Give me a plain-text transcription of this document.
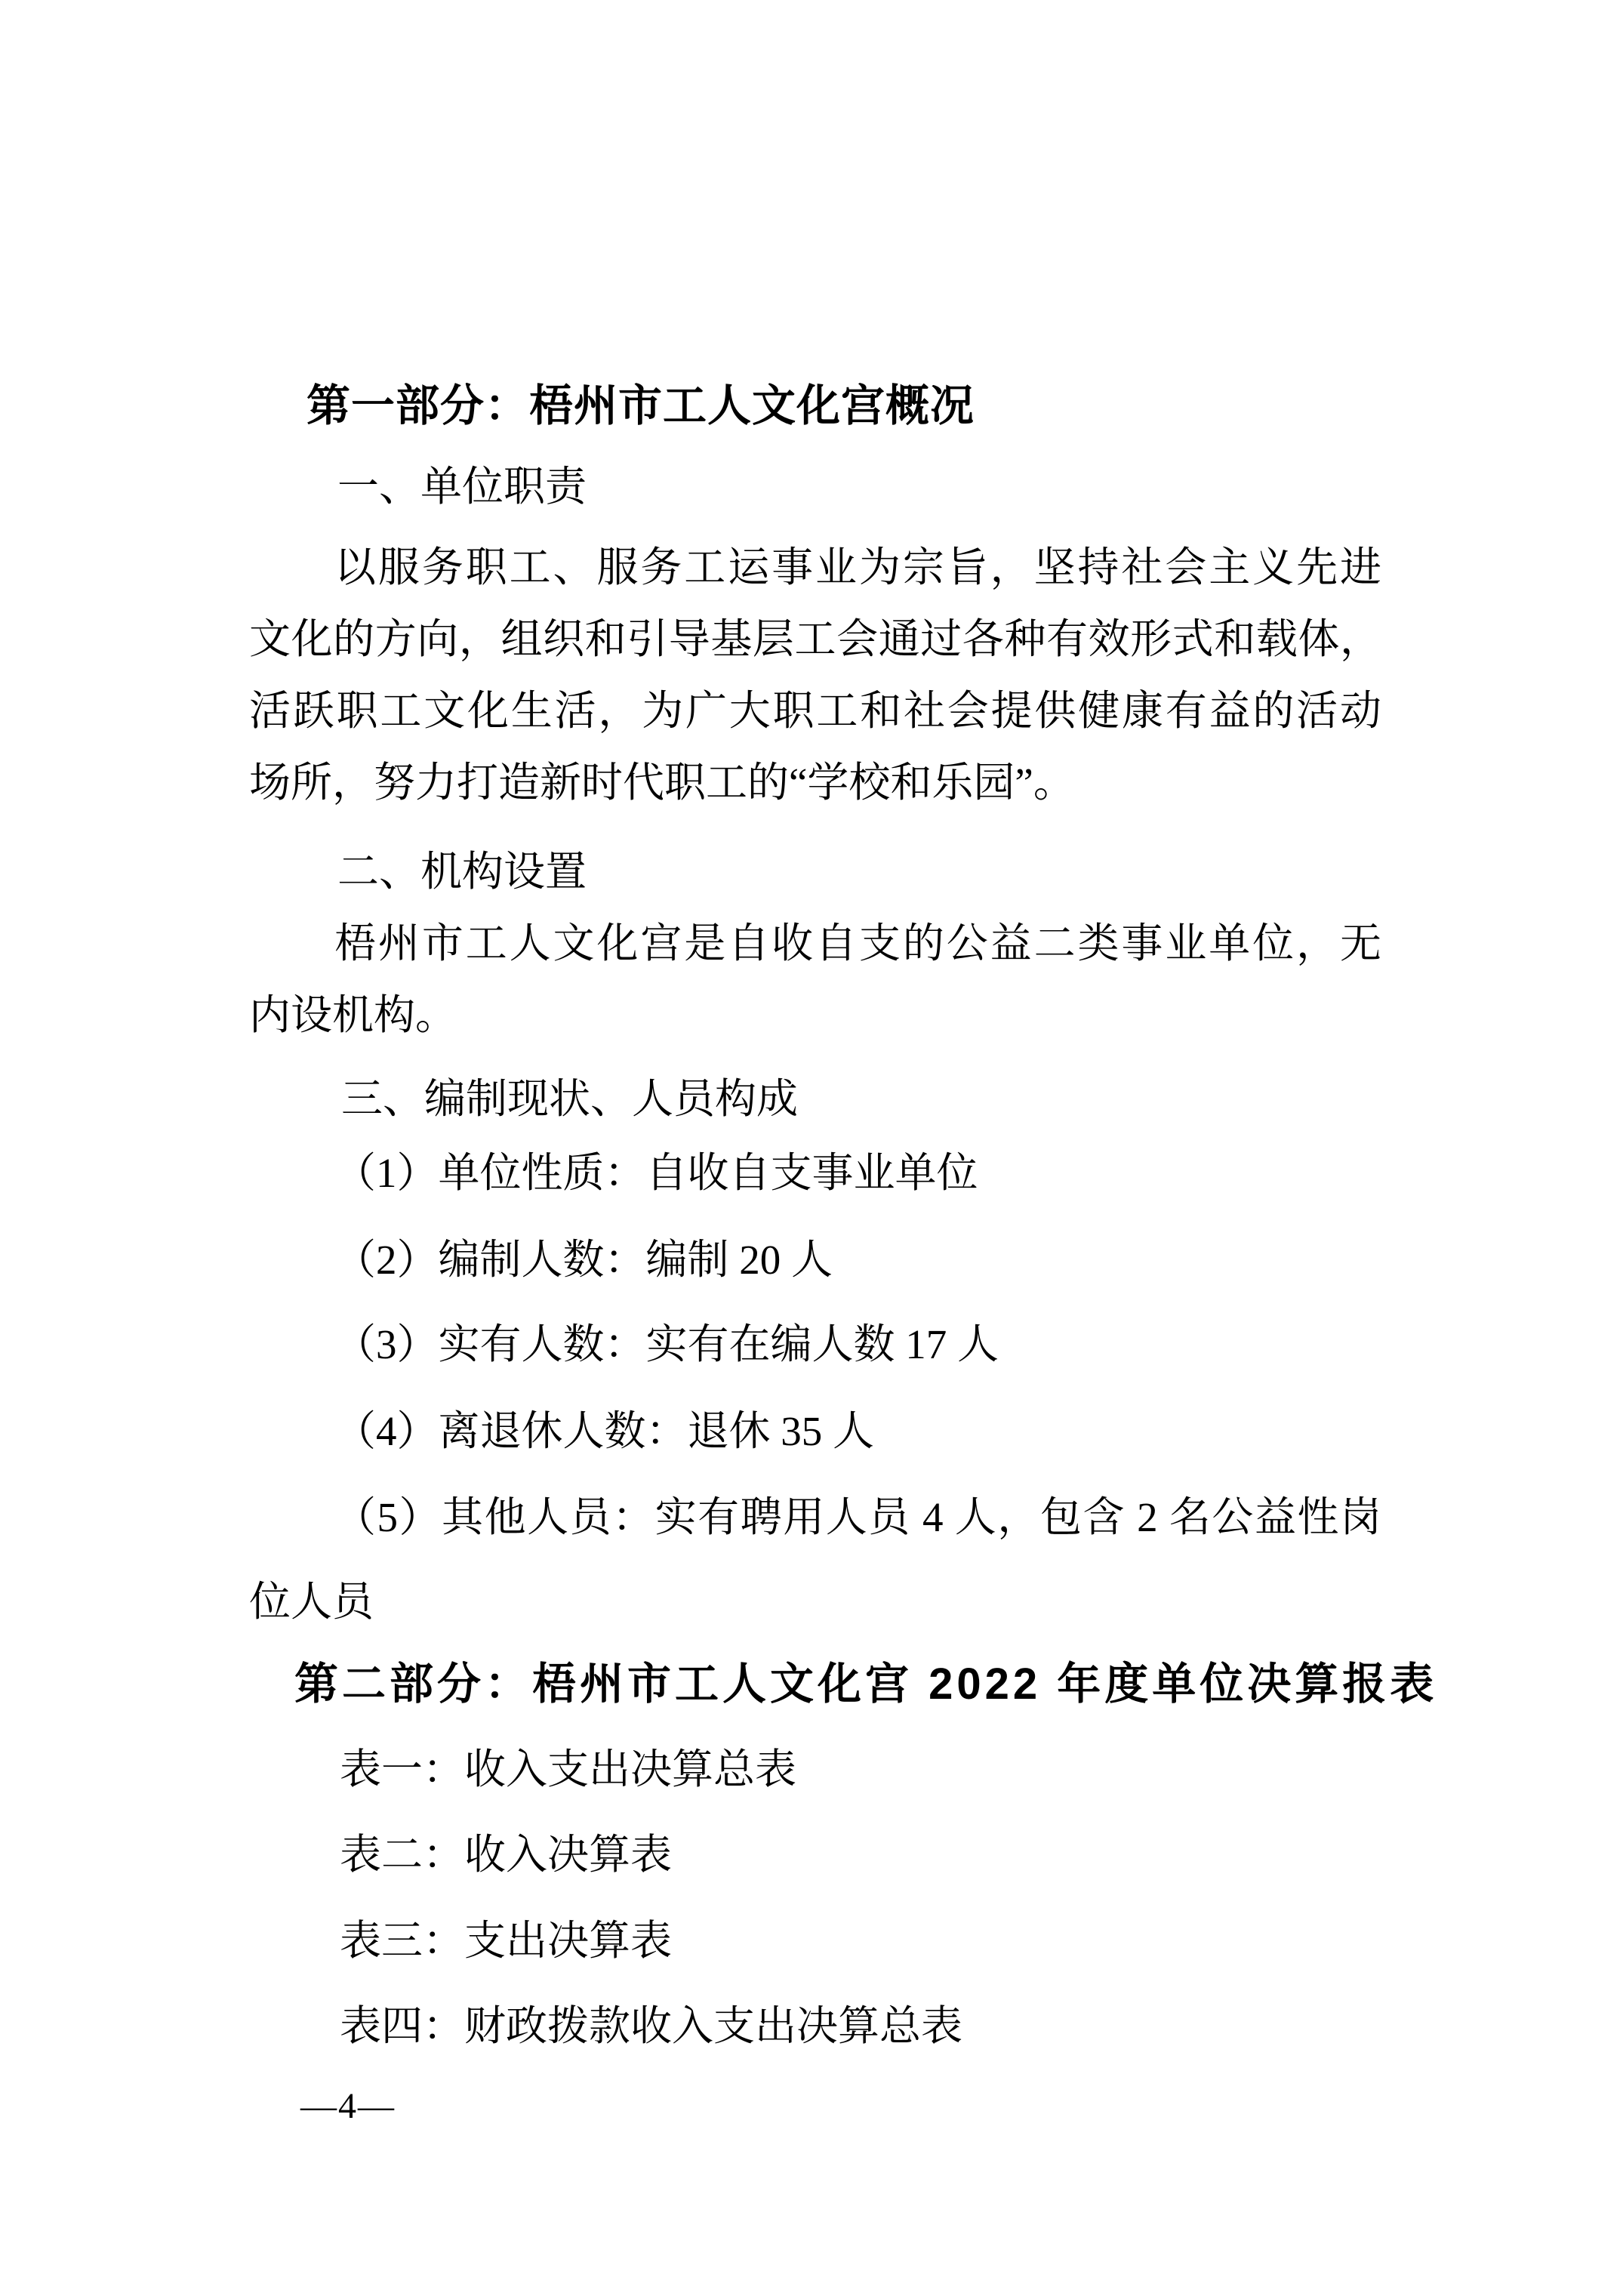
第一部分：梧州市工人文化宫概况
一、单位职责
以服务职工、服务工运事业为宗旨，坚持社会主义先进
文化的方向，组织和引导基层工会通过各种有效形式和载体，
活跃职工文化生活，为广大职工和社会提供健康有益的活动
场所，努力打造新时代职工的“学校和乐园”。
二、机构设置
梧州市工人文化宫是自收自支的公益二类事业单位，无
内设机构。
三、编制现状、人员构成
（1）单位性质：自收自支事业单位
（2）编制人数：编制 20 人
（3）实有人数：实有在编人数 17 人
（4）离退休人数：退休 35 人
（5）其他人员：实有聘用人员 4 人，包含 2 名公益性岗
位人员
第二部分：梧州市工人文化宫 2022 年度单位决算报表
表一：收入支出决算总表
表二：收入决算表
表三：支出决算表
表四：财政拨款收入支出决算总表
—4—
